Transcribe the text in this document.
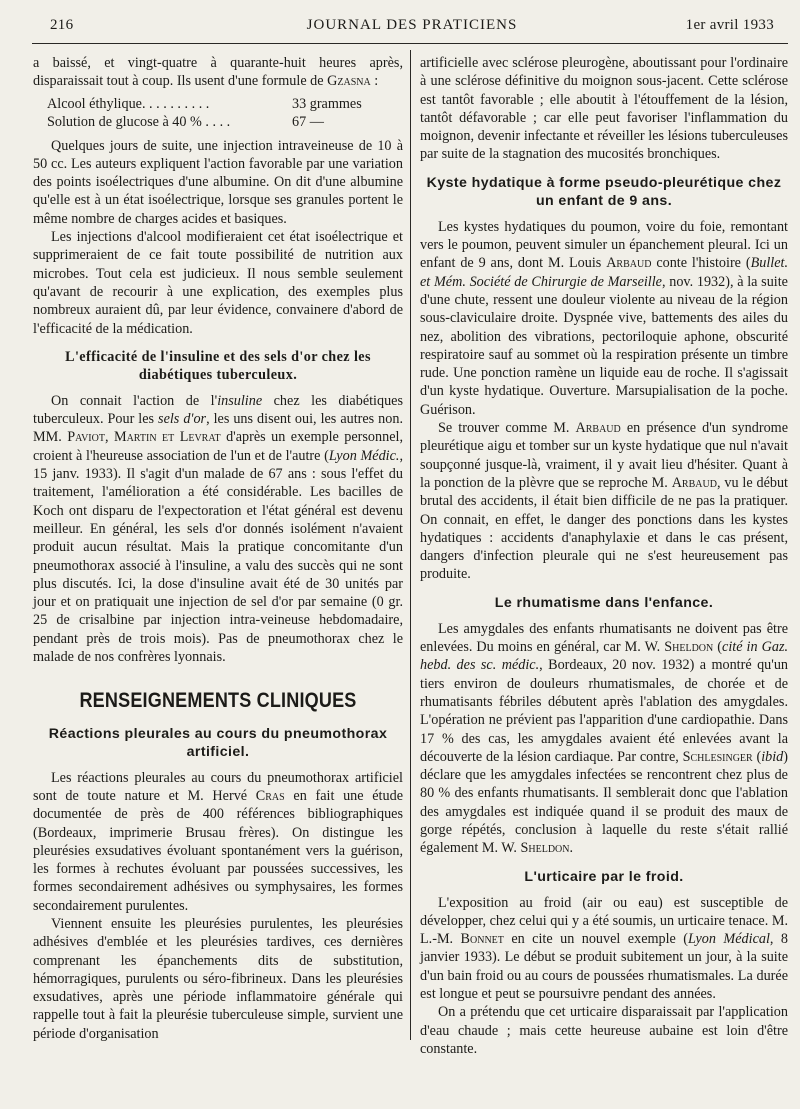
216	JOURNAL DES PRATICIENS	1er avril 1933

a baissé, et vingt-quatre à quarante-huit heures après, disparaissait tout à coup. Ils usent d'une formule de Gzasna :

Alcool éthylique. . . . . . . . . .	33 grammes
Solution de glucose à 40 % . . . .	67 —

Quelques jours de suite, une injection intraveineuse de 10 à 50 cc. Les auteurs expliquent l'action favorable par une variation des points isoélectriques d'une albumine. On dit d'une albumine qu'elle est à un état isoélectrique, lorsque ses granules portent le même nombre de charges acides et basiques.

Les injections d'alcool modifieraient cet état isoélectrique et supprimeraient de ce fait toute possibilité de nutrition aux microbes. Tout cela est judicieux. Il nous semble seulement qu'avant de recourir à une explication, des exemples plus nombreux auraient dû, par leur évidence, convainere d'abord de l'efficacité de la médication.

L'efficacité de l'insuline et des sels d'or chez les diabétiques tuberculeux.

On connait l'action de l'insuline chez les diabétiques tuberculeux. Pour les sels d'or, les uns disent oui, les autres non. MM. Paviot, Martin et Levrat d'après un exemple personnel, croient à l'heureuse association de l'un et de l'autre (Lyon Médic., 15 janv. 1933). Il s'agit d'un malade de 67 ans : sous l'effet du traitement, l'amélioration a été considérable. Les bacilles de Koch ont disparu de l'expectoration et l'état général est devenu meilleur. En général, les sels d'or donnés isolément n'avaient produit aucun résultat. Mais la pratique concomitante d'un pneumothorax associé à l'insuline, a valu des succès qui ne sont plus discutés. Ici, la dose d'insuline avait été de 30 unités par jour et on pratiquait une injection de sel d'or par semaine (0 gr. 25 de crisalbine par injection intra-veineuse hebdomadaire, pendant près de trois mois). Pas de pneumothorax chez le malade de nos confrères lyonnais.

RENSEIGNEMENTS CLINIQUES
Réactions pleurales au cours du pneumothorax artificiel.

Les réactions pleurales au cours du pneumothorax artificiel sont de toute nature et M. Hervé Cras en fait une étude documentée de près de 400 références bibliographiques (Bordeaux, imprimerie Brusau frères). On distingue les pleurésies exsudatives évoluant spontanément vers la guérison, les formes à rechutes évoluant par poussées successives, les formes secondairement adhésives ou symphysaires, les formes secondairement purulentes.

Viennent ensuite les pleurésies purulentes, les pleurésies adhésives d'emblée et les pleurésies tardives, ces dernières comprenant les épanchements dits de substitution, hémorragiques, purulents ou séro-fibrineux. Dans les pleurésies exsudatives, après une période inflammatoire générale qui rappelle tout à fait la pleurésie tuberculeuse simple, survient une période d'organisation

artificielle avec sclérose pleurogène, aboutissant pour l'ordinaire à une sclérose définitive du moignon sous-jacent. Cette sclérose est tantôt favorable ; elle aboutit à l'étouffement de la lésion, tantôt défavorable ; car elle peut favoriser l'inflammation du moignon, devenir infectante et réveiller les lésions tuberculeuses par suite de la stagnation des mucosités bronchiques.

Kyste hydatique à forme pseudo-pleurétique chez un enfant de 9 ans.

Les kystes hydatiques du poumon, voire du foie, remontant vers le poumon, peuvent simuler un épanchement pleural. Ici un enfant de 9 ans, dont M. Louis Arbaud conte l'histoire (Bullet. et Mém. Société de Chirurgie de Marseille, nov. 1932), à la suite d'une chute, ressent une douleur violente au niveau de la région sous-claviculaire droite. Dyspnée vive, battements des ailes du nez, abolition des vibrations, pectoriloquie aphone, obscurité respiratoire sauf au sommet où la respiration présente un timbre rude. Une ponction ramène un liquide eau de roche. Il s'agissait d'un kyste hydatique. Ouverture. Marsupialisation de la poche. Guérison.

Se trouver comme M. Arbaud en présence d'un syndrome pleurétique aigu et tomber sur un kyste hydatique que nul n'avait soupçonné jusque-là, vraiment, il y avait lieu d'hésiter. Quant à la ponction de la plèvre que se reproche M. Arbaud, vu le début brutal des accidents, il était bien difficile de ne pas la pratiquer. On connait, en effet, le danger des ponctions dans les kystes hydatiques : accidents d'anaphylaxie et dans le cas présent, dangers d'infection pleurale qui ne s'est heureusement pas produite.

Le rhumatisme dans l'enfance.

Les amygdales des enfants rhumatisants ne doivent pas être enlevées. Du moins en général, car M. W. Sheldon (cité in Gaz. hebd. des sc. médic., Bordeaux, 20 nov. 1932) a montré qu'un tiers environ de douleurs rhumatismales, de chorée et de rhumatisants fébriles débutent après l'ablation des amygdales. L'opération ne prévient pas l'apparition d'une cardiopathie. Dans 17 % des cas, les amygdales avaient été enlevées avant la découverte de la lésion cardiaque. Par contre, Schlesinger (ibid) déclare que les amygdales infectées se rencontrent chez plus de 80 % des enfants rhumatisants. Il semblerait donc que l'ablation des amygdales est indiquée quand il se produit des maux de gorge répétés, conclusion à laquelle du reste s'était rallié également M. W. Sheldon.

L'urticaire par le froid.

L'exposition au froid (air ou eau) est susceptible de développer, chez celui qui y a été soumis, un urticaire tenace. M. L.-M. Bonnet en cite un nouvel exemple (Lyon Médical, 8 janvier 1933). Le début se produit subitement un jour, à la suite d'un bain froid ou au cours de poussées rhumatismales. La durée est longue et peut se poursuivre pendant des années.

On a prétendu que cet urticaire disparaissait par l'application d'eau chaude ; mais cette heureuse aubaine est loin d'être constante.
